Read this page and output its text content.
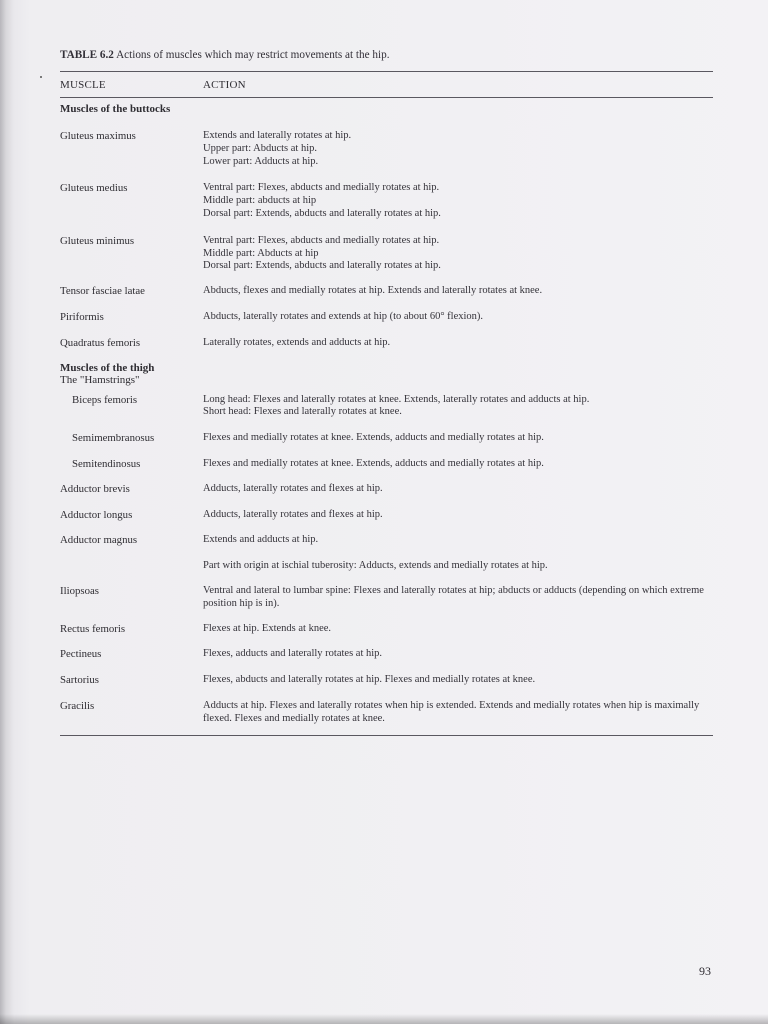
TABLE 6.2 Actions of muscles which may restrict movements at the hip.
MUSCLE	ACTION
Muscles of the buttocks
Gluteus maximus	Extends and laterally rotates at hip.
Upper part: Abducts at hip.
Lower part: Adducts at hip.
Gluteus medius	Ventral part: Flexes, abducts and medially rotates at hip.
Middle part: abducts at hip
Dorsal part: Extends, abducts and laterally rotates at hip.
Gluteus minimus	Ventral part: Flexes, abducts and medially rotates at hip.
Middle part: Abducts at hip
Dorsal part: Extends, abducts and laterally rotates at hip.
Tensor fasciae latae	Abducts, flexes and medially rotates at hip. Extends and laterally rotates at knee.
Piriformis	Abducts, laterally rotates and extends at hip (to about 60° flexion).
Quadratus femoris	Laterally rotates, extends and adducts at hip.
Muscles of the thigh
The "Hamstrings"
Biceps femoris	Long head: Flexes and laterally rotates at knee. Extends, laterally rotates and adducts at hip.
Short head: Flexes and laterally rotates at knee.
Semimembranosus	Flexes and medially rotates at knee. Extends, adducts and medially rotates at hip.
Semitendinosus	Flexes and medially rotates at knee. Extends, adducts and medially rotates at hip.
Adductor brevis	Adducts, laterally rotates and flexes at hip.
Adductor longus	Adducts, laterally rotates and flexes at hip.
Adductor magnus	Extends and adducts at hip.
Part with origin at ischial tuberosity: Adducts, extends and medially rotates at hip.
Iliopsoas	Ventral and lateral to lumbar spine: Flexes and laterally rotates at hip; abducts or adducts (depending on which extreme position hip is in).
Rectus femoris	Flexes at hip. Extends at knee.
Pectineus	Flexes, adducts and laterally rotates at hip.
Sartorius	Flexes, abducts and laterally rotates at hip. Flexes and medially rotates at knee.
Gracilis	Adducts at hip. Flexes and laterally rotates when hip is extended. Extends and medially rotates when hip is maximally flexed. Flexes and medially rotates at knee.
93
